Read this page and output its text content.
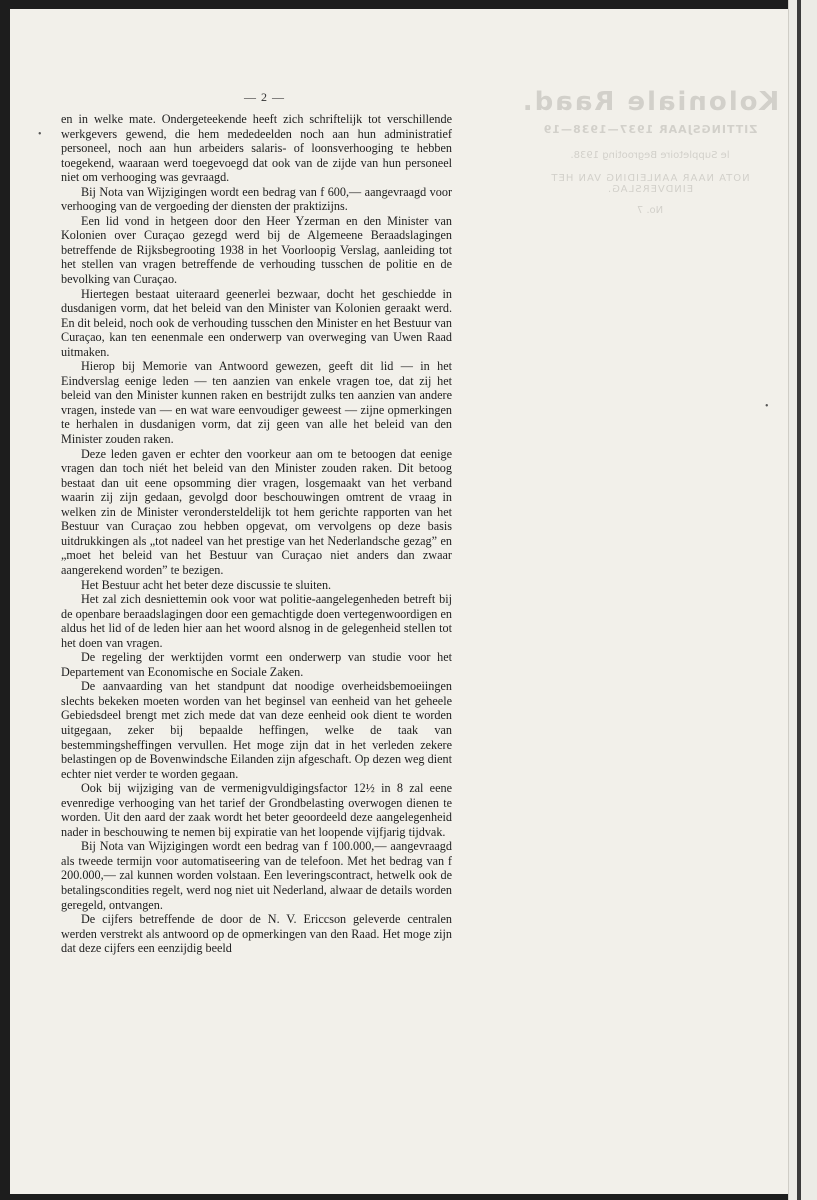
Koloniale Raad.
ZITTINGSJAAR 1937—1938—19
le Suppletoire Begrooting 1938.
NOTA NAAR AANLEIDING VAN HET EINDVERSLAG.
No. 7
— 2 —

en in welke mate. Ondergeteekende heeft zich schriftelijk tot verschillende werkgevers gewend, die hem mededeelden noch aan hun administratief personeel, noch aan hun arbeiders salaris- of loonsverhooging te hebben toegekend, waaraan werd toegevoegd dat ook van de zijde van hun personeel niet om verhooging was gevraagd.

Bij Nota van Wijzigingen wordt een bedrag van f 600,— aangevraagd voor verhooging van de vergoeding der diensten der praktizijns.

Een lid vond in hetgeen door den Heer Yzerman en den Minister van Kolonien over Curaçao gezegd werd bij de Algemeene Beraadslagingen betreffende de Rijksbegrooting 1938 in het Voorloopig Verslag, aanleiding tot het stellen van vragen betreffende de verhouding tusschen de politie en de bevolking van Curaçao.

Hiertegen bestaat uiteraard geenerlei bezwaar, docht het geschiedde in dusdanigen vorm, dat het beleid van den Minister van Kolonien geraakt werd. En dit beleid, noch ook de verhouding tusschen den Minister en het Bestuur van Curaçao, kan ten eenenmale een onderwerp van overweging van Uwen Raad uitmaken.

Hierop bij Memorie van Antwoord gewezen, geeft dit lid — in het Eindverslag eenige leden — ten aanzien van enkele vragen toe, dat zij het beleid van den Minister kunnen raken en bestrijdt zulks ten aanzien van andere vragen, instede van — en wat ware eenvoudiger geweest — zijne opmerkingen te herhalen in dusdanigen vorm, dat zij geen van alle het beleid van den Minister zouden raken.

Deze leden gaven er echter den voorkeur aan om te betoogen dat eenige vragen dan toch niét het beleid van den Minister zouden raken. Dit betoog bestaat dan uit eene opsomming dier vragen, losgemaakt van het verband waarin zij zijn gedaan, gevolgd door beschouwingen omtrent de vraag in welken zin de Minister verondersteldelijk tot hem gerichte rapporten van het Bestuur van Curaçao zou hebben opgevat, om vervolgens op deze basis uitdrukkingen als „tot nadeel van het prestige van het Nederlandsche gezag” en „moet het beleid van het Bestuur van Curaçao niet anders dan zwaar aangerekend worden” te bezigen.

Het Bestuur acht het beter deze discussie te sluiten.

Het zal zich desniettemin ook voor wat politie-aangelegenheden betreft bij de openbare beraadslagingen door een gemachtigde doen vertegenwoordigen en aldus het lid of de leden hier aan het woord alsnog in de gelegenheid stellen tot het doen van vragen.

De regeling der werktijden vormt een onderwerp van studie voor het Departement van Economische en Sociale Zaken.

De aanvaarding van het standpunt dat noodige overheidsbemoeiingen slechts bekeken moeten worden van het beginsel van eenheid van het geheele Gebiedsdeel brengt met zich mede dat van deze eenheid ook dient te worden uitgegaan, zeker bij bepaalde heffingen, welke de taak van bestemmingsheffingen vervullen. Het moge zijn dat in het verleden zekere belastingen op de Bovenwindsche Eilanden zijn afgeschaft. Op dezen weg dient echter niet verder te worden gegaan.

Ook bij wijziging van de vermenigvuldigingsfactor 12½ in 8 zal eene evenredige verhooging van het tarief der Grondbelasting overwogen dienen te worden. Uit den aard der zaak wordt het beter geoordeeld deze aangelegenheid nader in beschouwing te nemen bij expiratie van het loopende vijfjarig tijdvak.

Bij Nota van Wijzigingen wordt een bedrag van f 100.000,— aangevraagd als tweede termijn voor automatiseering van de telefoon. Met het bedrag van f 200.000,— zal kunnen worden volstaan. Een leveringscontract, hetwelk ook de betalingscondities regelt, werd nog niet uit Nederland, alwaar de details worden geregeld, ontvangen.

De cijfers betreffende de door de N. V. Ericcson geleverde centralen werden verstrekt als antwoord op de opmerkingen van den Raad. Het moge zijn dat deze cijfers een eenzijdig beeld

•
•
